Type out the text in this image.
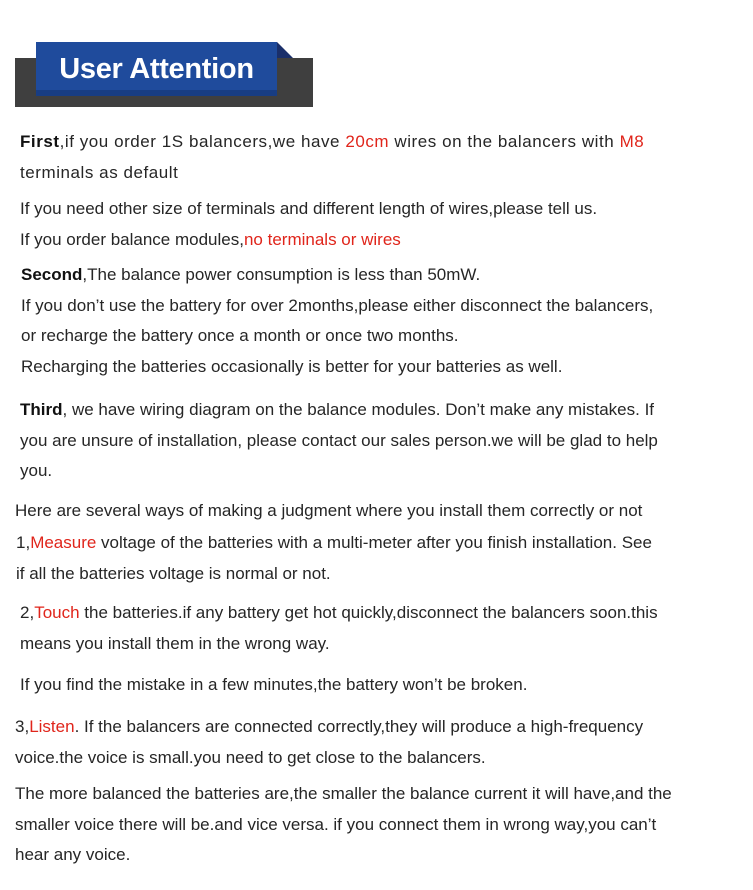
User Attention

First,if you order 1S balancers,we have 20cm wires on the balancers with M8
terminals as default

If you need other size of terminals and different length of wires,please tell us.
If you order balance modules,no terminals or wires

Second,The balance power consumption is less than 50mW.
If you don’t use the battery for over 2months,please either disconnect the balancers,
or recharge the battery once a month or once two months.
Recharging the batteries occasionally is better for your batteries as well.

Third, we have wiring diagram on the balance modules. Don’t make any mistakes. If
you are unsure of installation, please contact our sales person.we will be glad to help
you.

Here are several ways of making a judgment where you install them correctly or not

1,Measure voltage of the batteries with a multi-meter after you finish installation. See
if all the batteries voltage is normal or not.

2,Touch the batteries.if any battery get hot quickly,disconnect the balancers soon.this
means you install them in the wrong way.

If you find the mistake in a few minutes,the battery won’t be broken.

3,Listen. If the balancers are connected correctly,they will produce a high-frequency
voice.the voice is small.you need to get close to the balancers.

The more balanced the batteries are,the smaller the balance current it will have,and the
smaller voice there will be.and vice versa. if you connect them in wrong way,you can’t
hear any voice.
